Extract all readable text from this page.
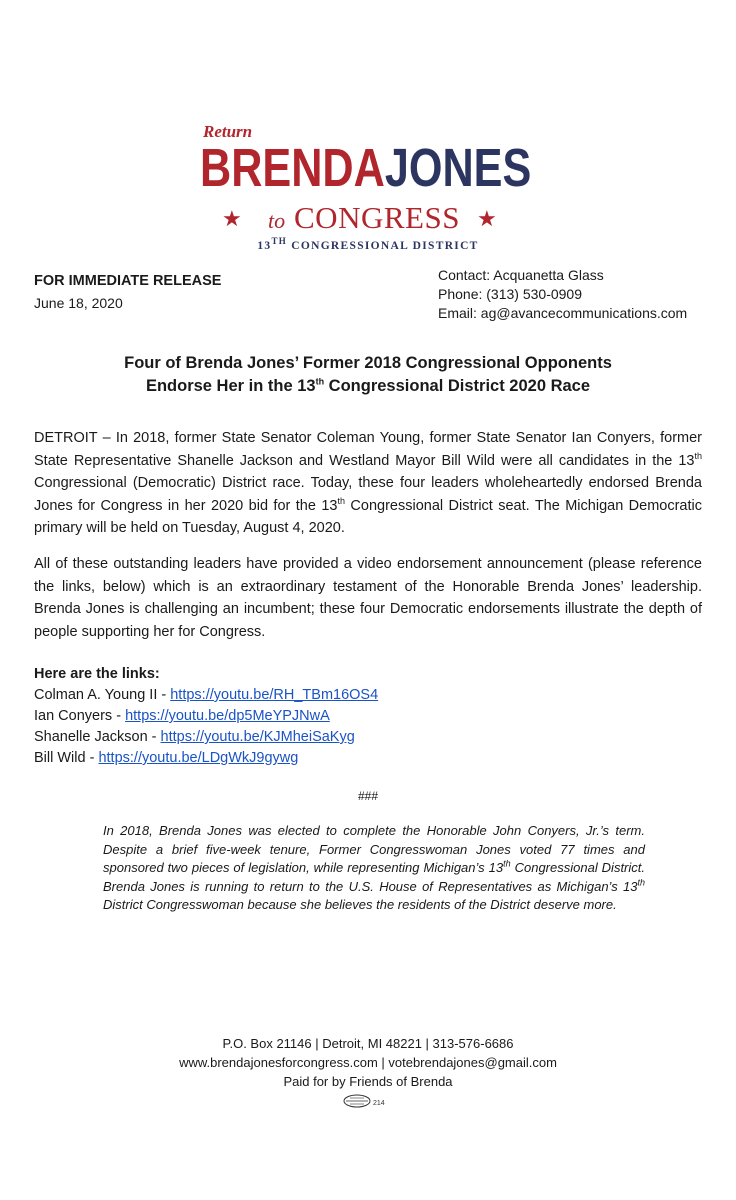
Return
BRENDAJONES
★ to CONGRESS ★
13TH CONGRESSIONAL DISTRICT
FOR IMMEDIATE RELEASE
June 18, 2020
Contact: Acquanetta Glass
Phone: (313) 530-0909
Email: ag@avancecommunications.com
Four of Brenda Jones’ Former 2018 Congressional Opponents
Endorse Her in the 13th Congressional District 2020 Race
DETROIT – In 2018, former State Senator Coleman Young, former State Senator Ian Conyers, former State Representative Shanelle Jackson and Westland Mayor Bill Wild were all candidates in the 13th Congressional (Democratic) District race. Today, these four leaders wholeheartedly endorsed Brenda Jones for Congress in her 2020 bid for the 13th Congressional District seat. The Michigan Democratic primary will be held on Tuesday, August 4, 2020.
All of these outstanding leaders have provided a video endorsement announcement (please reference the links, below) which is an extraordinary testament of the Honorable Brenda Jones’ leadership. Brenda Jones is challenging an incumbent; these four Democratic endorsements illustrate the depth of people supporting her for Congress.
Here are the links:
Colman A. Young II - https://youtu.be/RH_TBm16OS4
Ian Conyers - https://youtu.be/dp5MeYPJNwA
Shanelle Jackson - https://youtu.be/KJMheiSaKyg
Bill Wild - https://youtu.be/LDgWkJ9gywg
###
In 2018, Brenda Jones was elected to complete the Honorable John Conyers, Jr.’s term. Despite a brief five-week tenure, Former Congresswoman Jones voted 77 times and sponsored two pieces of legislation, while representing Michigan’s 13th Congressional District. Brenda Jones is running to return to the U.S. House of Representatives as Michigan’s 13th District Congresswoman because she believes the residents of the District deserve more.
P.O. Box 21146 | Detroit, MI 48221 | 313-576-6686
www.brendajonesforcongress.com | votebrendajones@gmail.com
Paid for by Friends of Brenda
214
